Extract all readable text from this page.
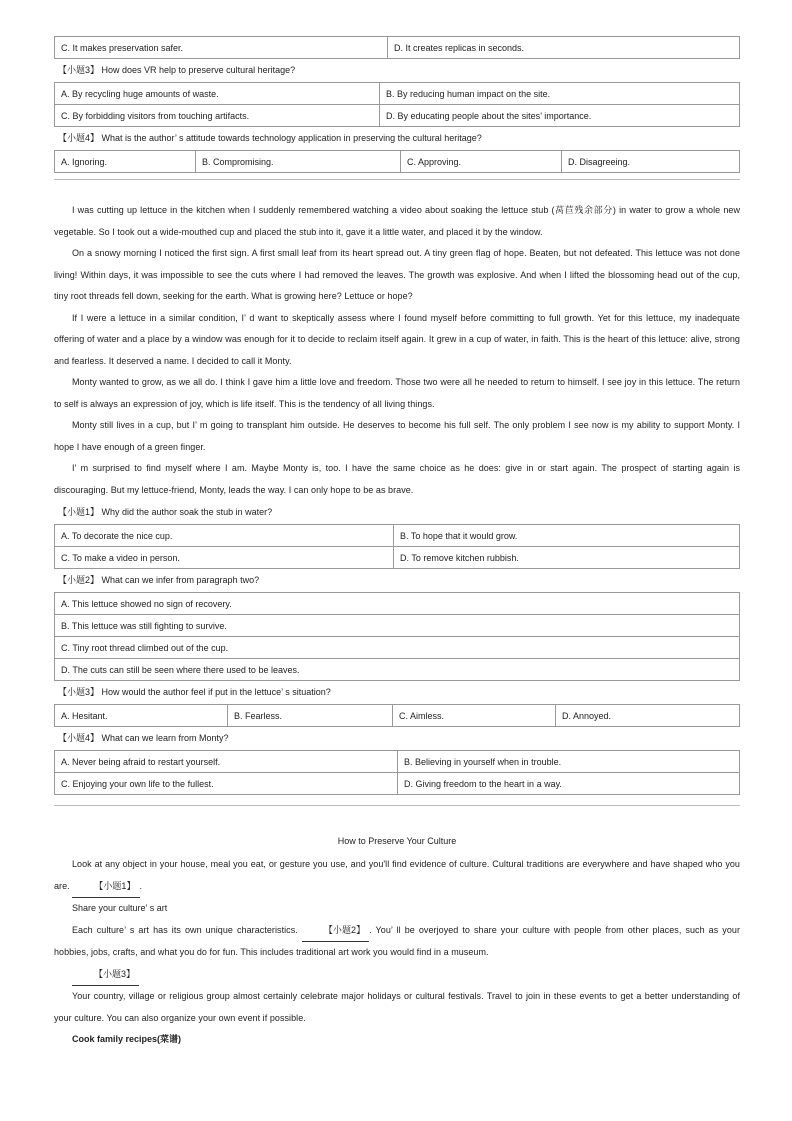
C. It makes preservation safer.	D. It creates replicas in seconds.
【小题3】 How does VR help to preserve cultural heritage?
A. By recycling huge amounts of waste.	B. By reducing human impact on the site.
C. By forbidding visitors from touching artifacts.	D. By educating people about the sites’ importance.
【小题4】 What is the author’ s attitude towards technology application in preserving the cultural heritage?
A. Ignoring.	B. Compromising.	C. Approving.	D. Disagreeing.

I was cutting up lettuce in the kitchen when I suddenly remembered watching a video about soaking the lettuce stub (莴苣残余部分) in water to grow a whole new vegetable. So I took out a wide-mouthed cup and placed the stub into it, gave it a little water, and placed it by the window.

On a snowy morning I noticed the first sign. A first small leaf from its heart spread out. A tiny green flag of hope. Beaten, but not defeated. This lettuce was not done living! Within days, it was impossible to see the cuts where I had removed the leaves. The growth was explosive. And when I lifted the blossoming head out of the cup, tiny root threads fell down, seeking for the earth. What is growing here? Lettuce or hope?

If I were a lettuce in a similar condition, I’ d want to skeptically assess where I found myself before committing to full growth. Yet for this lettuce, my inadequate offering of water and a place by a window was enough for it to decide to reclaim itself again. It grew in a cup of water, in faith. This is the heart of this lettuce: alive, strong and fearless. It deserved a name. I decided to call it Monty.

Monty wanted to grow, as we all do. I think I gave him a little love and freedom. Those two were all he needed to return to himself. I see joy in this lettuce. The return to self is always an expression of joy, which is life itself. This is the tendency of all living things.

Monty still lives in a cup, but I’ m going to transplant him outside. He deserves to become his full self. The only problem I see now is my ability to support Monty. I hope I have enough of a green finger.

I’ m surprised to find myself where I am. Maybe Monty is, too. I have the same choice as he does: give in or start again. The prospect of starting again is discouraging. But my lettuce-friend, Monty, leads the way. I can only hope to be as brave.

【小题1】 Why did the author soak the stub in water?
A. To decorate the nice cup.	B. To hope that it would grow.
C. To make a video in person.	D. To remove kitchen rubbish.
【小题2】 What can we infer from paragraph two?
A. This lettuce showed no sign of recovery.
B. This lettuce was still fighting to survive.
C. Tiny root thread climbed out of the cup.
D. The cuts can still be seen where there used to be leaves.
【小题3】 How would the author feel if put in the lettuce’ s situation?
A. Hesitant.	B. Fearless.	C. Aimless.	D. Annoyed.
【小题4】 What can we learn from Monty?
A. Never being afraid to restart yourself.	B. Believing in yourself when in trouble.
C. Enjoying your own life to the fullest.	D. Giving freedom to the heart in a way.
How to Preserve Your Culture

Look at any object in your house, meal you eat, or gesture you use, and you'll find evidence of culture. Cultural traditions are everywhere and have shaped who you are.	【小题1】 .

Share your culture’ s art

Each culture’ s art has its own unique characteristics.	【小题2】 . You’ ll be overjoyed to share your culture with people from other places, such as your hobbies, jobs, crafts, and what you do for fun. This includes traditional art work you would find in a museum.

【小题3】

Your country, village or religious group almost certainly celebrate major holidays or cultural festivals. Travel to join in these events to get a better understanding of your culture. You can also organize your own event if possible.

Cook family recipes(菜谱)
